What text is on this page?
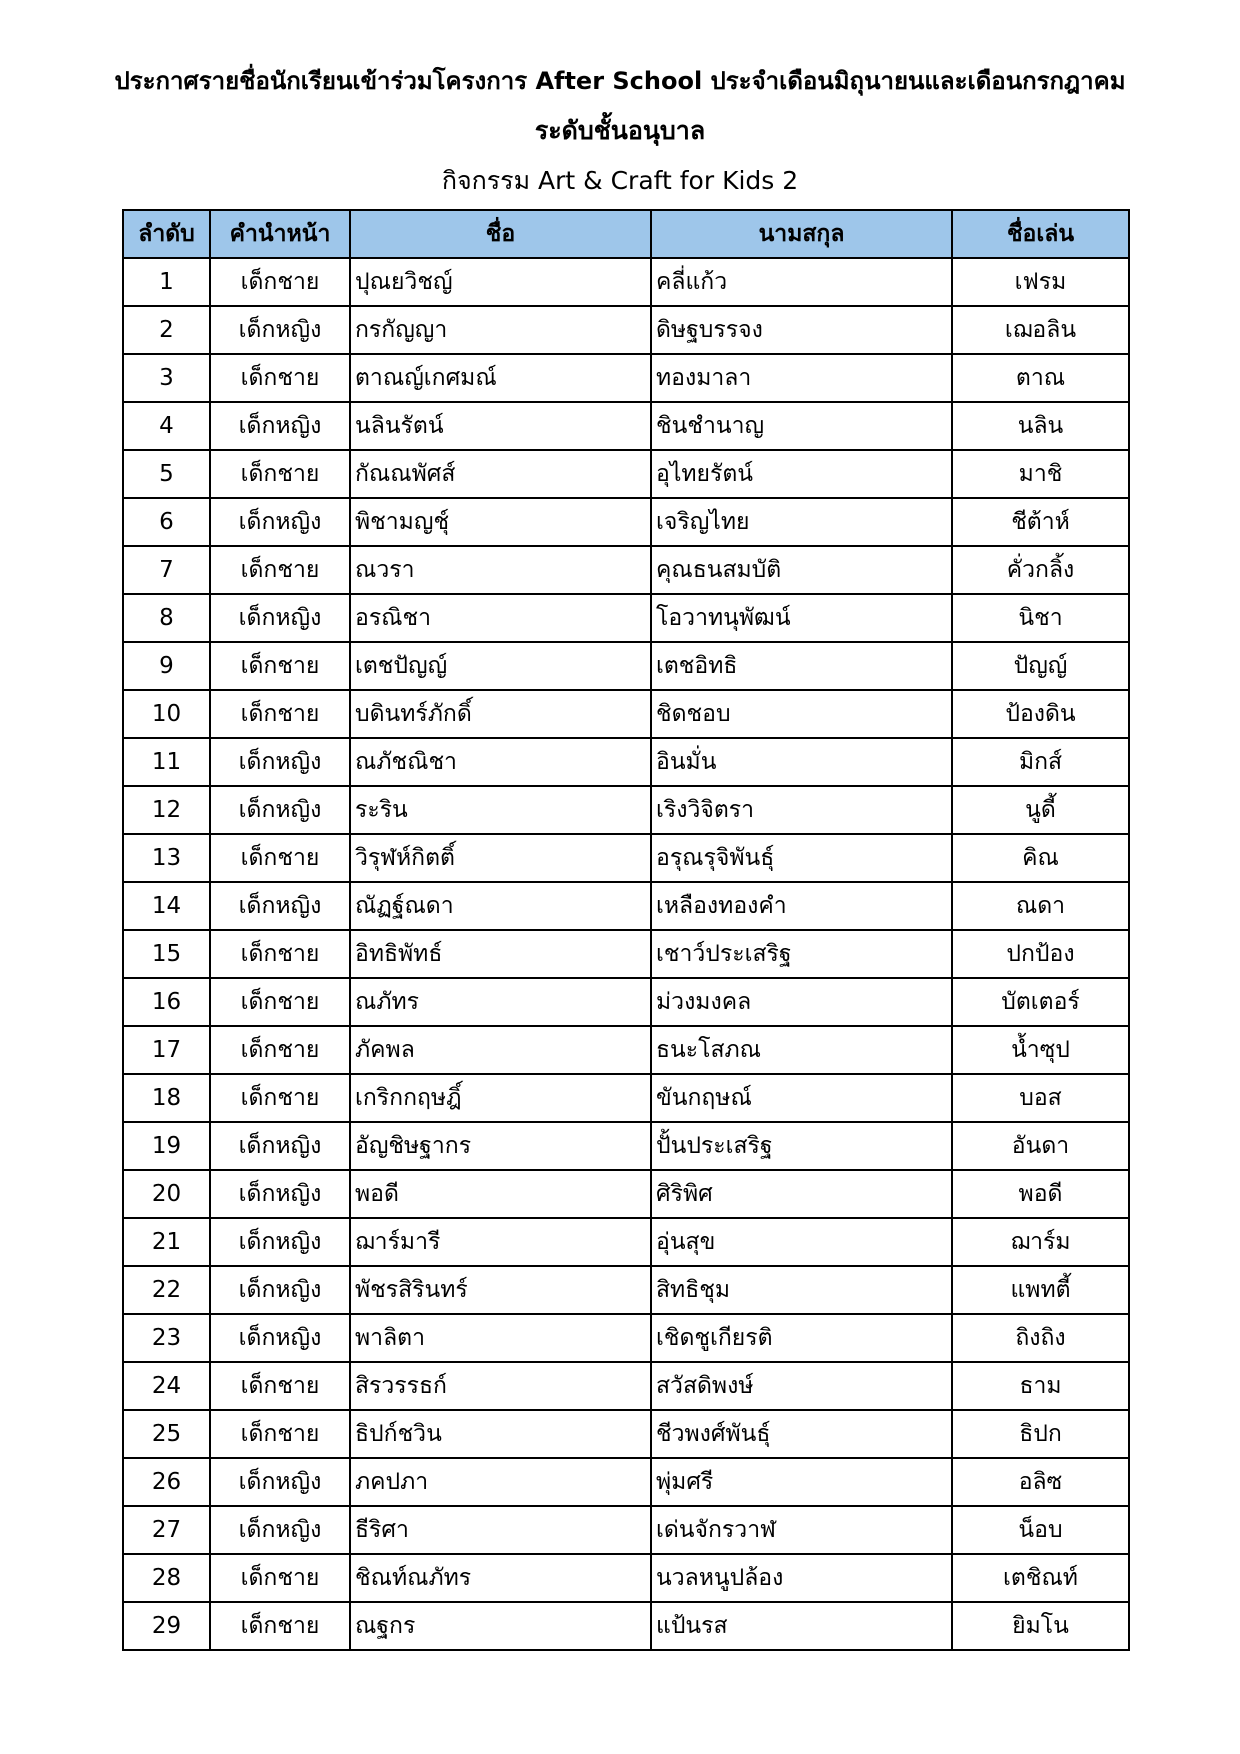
ประกาศรายชื่อนักเรียนเข้าร่วมโครงการ After School ประจำเดือนมิถุนายนและเดือนกรกฎาคม
ระดับชั้นอนุบาล
กิจกรรม Art & Craft for Kids 2
ลำดับ	คำนำหน้า	ชื่อ	นามสกุล	ชื่อเล่น
1	เด็กชาย	ปุณยวิชญ์	คลี่แก้ว	เฟรม
2	เด็กหญิง	กรกัญญา	ดิษฐบรรจง	เฌอลิน
3	เด็กชาย	ตาณญ์เกศมณ์	ทองมาลา	ตาณ
4	เด็กหญิง	นลินรัตน์	ชินชำนาญ	นลิน
5	เด็กชาย	กัณณพัศส์	อุไทยรัตน์	มาชิ
6	เด็กหญิง	พิชามญชุ์	เจริญไทย	ชีต้าห์
7	เด็กชาย	ณวรา	คุณธนสมบัติ	คั่วกลิ้ง
8	เด็กหญิง	อรณิชา	โอวาทนุพัฒน์	นิชา
9	เด็กชาย	เตชปัญญ์	เตชอิทธิ	ปัญญ์
10	เด็กชาย	บดินทร์ภักดิ์	ชิดชอบ	ป้องดิน
11	เด็กหญิง	ณภัชณิชา	อินมั่น	มิกส์
12	เด็กหญิง	ระริน	เริงวิจิตรา	นูดี้
13	เด็กชาย	วิรุฬห์กิตติ์	อรุณรุจิพันธุ์	คิณ
14	เด็กหญิง	ณัฏฐ์ณดา	เหลืองทองคำ	ณดา
15	เด็กชาย	อิทธิพัทธ์	เชาว์ประเสริฐ	ปกป้อง
16	เด็กชาย	ณภัทร	ม่วงมงคล	บัตเตอร์
17	เด็กชาย	ภัคพล	ธนะโสภณ	น้ำซุป
18	เด็กชาย	เกริกกฤษฎิ์	ขันกฤษณ์	บอส
19	เด็กหญิง	อัญชิษฐากร	ปั้นประเสริฐ	อันดา
20	เด็กหญิง	พอดี	ศิริพิศ	พอดี
21	เด็กหญิง	ฌาร์มารี	อุ่นสุข	ฌาร์ม
22	เด็กหญิง	พัชรสิรินทร์	สิทธิชุม	แพทตี้
23	เด็กหญิง	พาลิตา	เชิดชูเกียรติ	ถิงถิง
24	เด็กชาย	สิรวรรธก์	สวัสดิพงษ์	ธาม
25	เด็กชาย	ธิปก์ชวิน	ชีวพงศ์พันธุ์	ธิปก
26	เด็กหญิง	ภคปภา	พุ่มศรี	อลิซ
27	เด็กหญิง	ธีริศา	เด่นจักรวาฬ	น็อบ
28	เด็กชาย	ชิณท์ณภัทร	นวลหนูปล้อง	เตชิณท์
29	เด็กชาย	ณฐกร	แป้นรส	ยิมโน
